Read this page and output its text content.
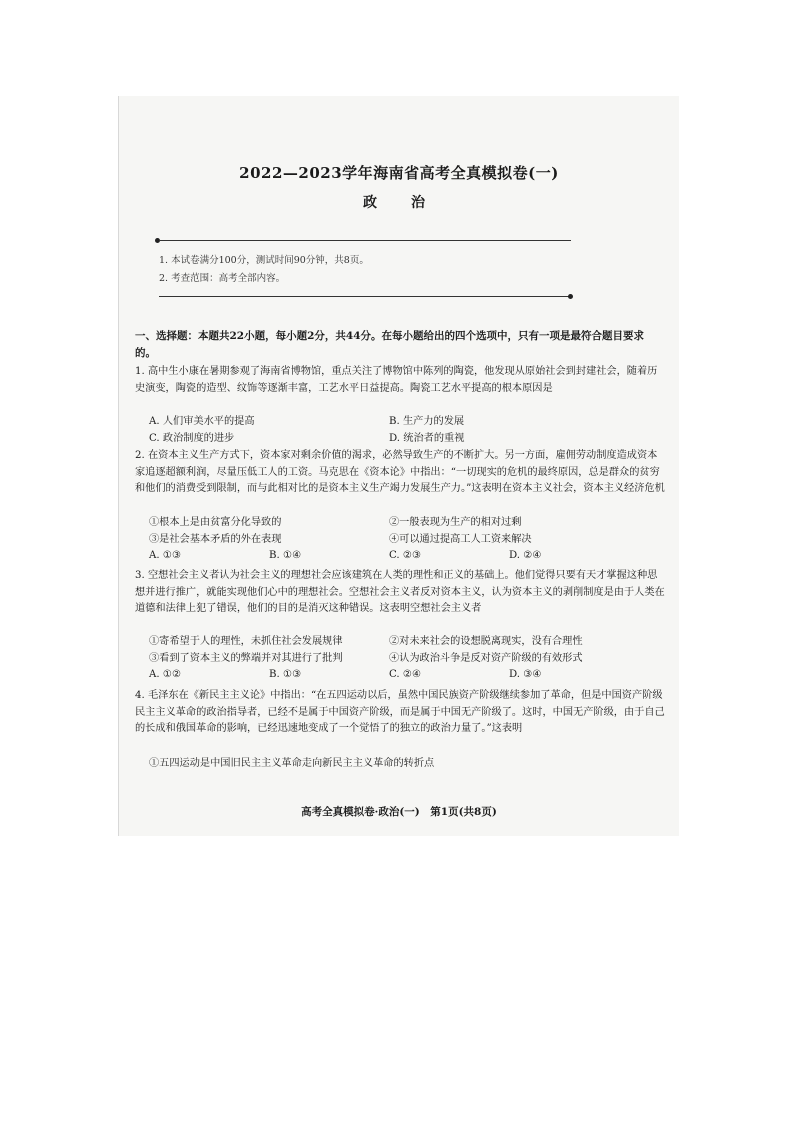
2022—2023学年海南省高考全真模拟卷(一)
政　治
1. 本试卷满分100分，测试时间90分钟，共8页。
2. 考查范围：高考全部内容。
一、选择题：本题共22小题，每小题2分，共44分。在每小题给出的四个选项中，只有一项是最符合题目要求的。
1. 高中生小康在暑期参观了海南省博物馆，重点关注了博物馆中陈列的陶瓷，他发现从原始社会到封建社会，随着历史演变，陶瓷的造型、纹饰等逐渐丰富，工艺水平日益提高。陶瓷工艺水平提高的根本原因是
A. 人们审美水平的提高	B. 生产力的发展
C. 政治制度的进步	D. 统治者的重视
2. 在资本主义生产方式下，资本家对剩余价值的渴求，必然导致生产的不断扩大。另一方面，雇佣劳动制度造成资本家追逐超额利润，尽量压低工人的工资。马克思在《资本论》中指出：“一切现实的危机的最终原因，总是群众的贫穷和他们的消费受到限制，而与此相对比的是资本主义生产竭力发展生产力。”这表明在资本主义社会，资本主义经济危机
①根本上是由贫富分化导致的	②一般表现为生产的相对过剩
③是社会基本矛盾的外在表现	④可以通过提高工人工资来解决
A. ①③	B. ①④	C. ②③	D. ②④
3. 空想社会主义者认为社会主义的理想社会应该建筑在人类的理性和正义的基础上。他们觉得只要有天才掌握这种思想并进行推广，就能实现他们心中的理想社会。空想社会主义者反对资本主义，认为资本主义的剥削制度是由于人类在道德和法律上犯了错误，他们的目的是消灭这种错误。这表明空想社会主义者
①寄希望于人的理性，未抓住社会发展规律	②对未来社会的设想脱离现实，没有合理性
③看到了资本主义的弊端并对其进行了批判	④认为政治斗争是反对资产阶级的有效形式
A. ①②	B. ①③	C. ②④	D. ③④
4. 毛泽东在《新民主主义论》中指出：“在五四运动以后，虽然中国民族资产阶级继续参加了革命，但是中国资产阶级民主主义革命的政治指导者，已经不是属于中国资产阶级，而是属于中国无产阶级了。这时，中国无产阶级，由于自己的长成和俄国革命的影响，已经迅速地变成了一个觉悟了的独立的政治力量了。”这表明
①五四运动是中国旧民主主义革命走向新民主主义革命的转折点
高考全真模拟卷·政治(一)　第1页(共8页)
